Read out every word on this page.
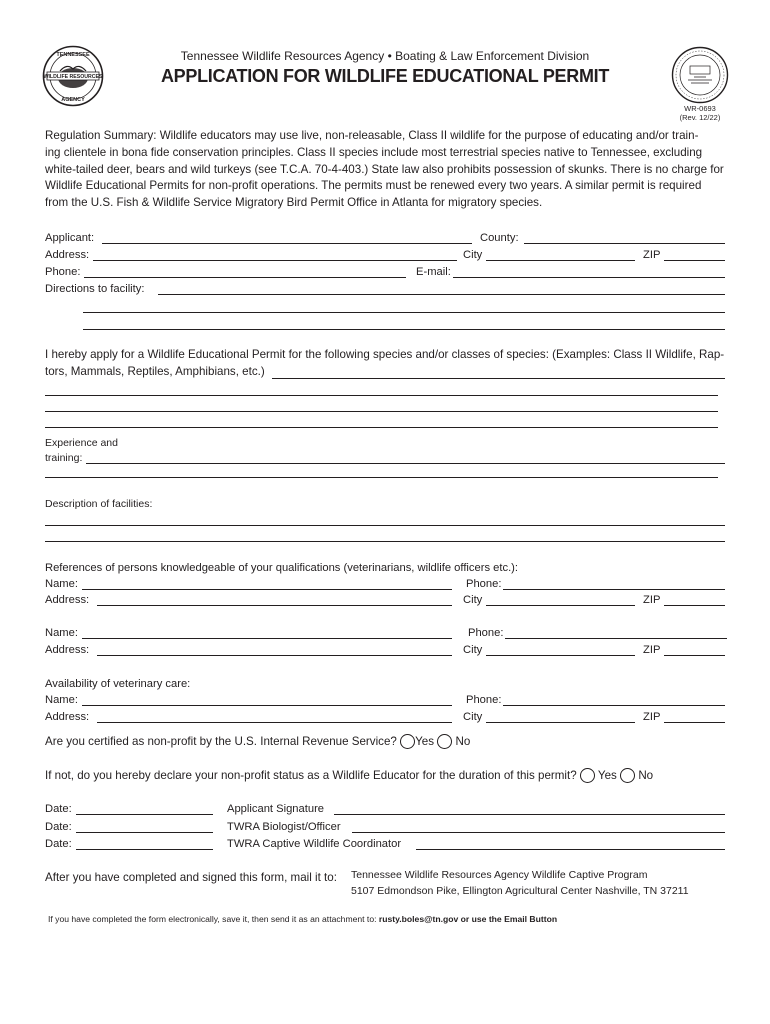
TENNESSEE
WILDLIFE RESOURCES
AGENCY
Tennessee Wildlife Resources Agency • Boating & Law Enforcement Division
APPLICATION FOR WILDLIFE EDUCATIONAL PERMIT
WR-0693
(Rev. 12/22)
Regulation Summary: Wildlife educators may use live, non-releasable, Class II wildlife for the purpose of educating and/or train-
ing clientele in bona fide conservation principles. Class II species include most terrestrial species native to Tennessee, excluding
white-tailed deer, bears and wild turkeys (see T.C.A. 70-4-403.) State law also prohibits possession of skunks. There is no charge for
Wildlife Educational Permits for non-profit operations. The permits must be renewed every two years. A similar permit is required
from the U.S. Fish & Wildlife Service Migratory Bird Permit Office in Atlanta for migratory species.
Applicant:	County:
Address:	City	ZIP
Phone:	E-mail:
Directions to facility:
I hereby apply for a Wildlife Educational Permit for the following species and/or classes of species: (Examples: Class II Wildlife, Rap-
tors, Mammals, Reptiles, Amphibians, etc.)
Experience and
training:
Description of facilities:
References of persons knowledgeable of your qualifications (veterinarians, wildlife officers etc.):
Name:	Phone:
Address:	City	ZIP
Name:	Phone:
Address:	City	ZIP
Availability of veterinary care:
Name:	Phone:
Address:	City	ZIP
Are you certified as non-profit by the U.S. Internal Revenue Service? Yes No
If not, do you hereby declare your non-profit status as a Wildlife Educator for the duration of this permit? Yes No
Date:	Applicant Signature
Date:	TWRA Biologist/Officer
Date:	TWRA Captive Wildlife Coordinator
After you have completed and signed this form, mail it to: Tennessee Wildlife Resources Agency Wildlife Captive Program
5107 Edmondson Pike, Ellington Agricultural Center Nashville, TN 37211
If you have completed the form electronically, save it, then send it as an attachment to: rusty.boles@tn.gov or use the Email Button
